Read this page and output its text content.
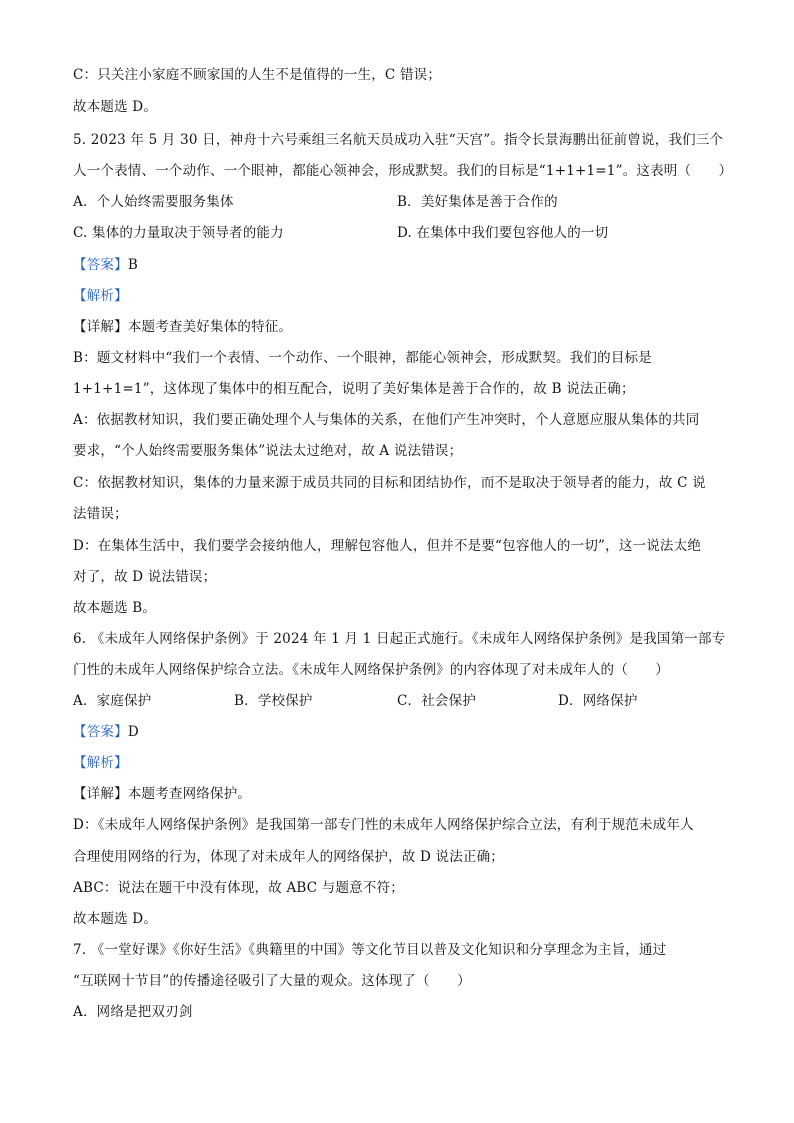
C：只关注小家庭不顾家国的人生不是值得的一生，C 错误；
故本题选 D。
5. 2023 年 5 月 30 日，神舟十六号乘组三名航天员成功入驻“天宫”。指令长景海鹏出征前曾说，我们三个
人一个表情、一个动作、一个眼神，都能心领神会，形成默契。我们的目标是“1+1+1=1”。这表明（　　）
A．个人始终需要服务集体	B．美好集体是善于合作的
C. 集体的力量取决于领导者的能力	D. 在集体中我们要包容他人的一切
【答案】B
【解析】
【详解】本题考查美好集体的特征。
B：题文材料中“我们一个表情、一个动作、一个眼神，都能心领神会，形成默契。我们的目标是
1+1+1=1”，这体现了集体中的相互配合，说明了美好集体是善于合作的，故 B 说法正确；
A：依据教材知识，我们要正确处理个人与集体的关系，在他们产生冲突时，个人意愿应服从集体的共同
要求，“个人始终需要服务集体”说法太过绝对，故 A 说法错误；
C：依据教材知识，集体的力量来源于成员共同的目标和团结协作，而不是取决于领导者的能力，故 C 说
法错误；
D：在集体生活中，我们要学会接纳他人，理解包容他人，但并不是要“包容他人的一切”，这一说法太绝
对了，故 D 说法错误；
故本题选 B。
6. 《未成年人网络保护条例》于 2024 年 1 月 1 日起正式施行。《未成年人网络保护条例》是我国第一部专
门性的未成年人网络保护综合立法。《未成年人网络保护条例》的内容体现了对未成年人的（　　）
A．家庭保护	B．学校保护	C．社会保护	D．网络保护
【答案】D
【解析】
【详解】本题考查网络保护。
D：《未成年人网络保护条例》是我国第一部专门性的未成年人网络保护综合立法，有利于规范未成年人
合理使用网络的行为，体现了对未成年人的网络保护，故 D 说法正确；
ABC：说法在题干中没有体现，故 ABC 与题意不符；
故本题选 D。
7. 《一堂好课》《你好生活》《典籍里的中国》等文化节目以普及文化知识和分享理念为主旨，通过
“互联网十节目”的传播途径吸引了大量的观众。这体现了（　　）
A．网络是把双刃剑
